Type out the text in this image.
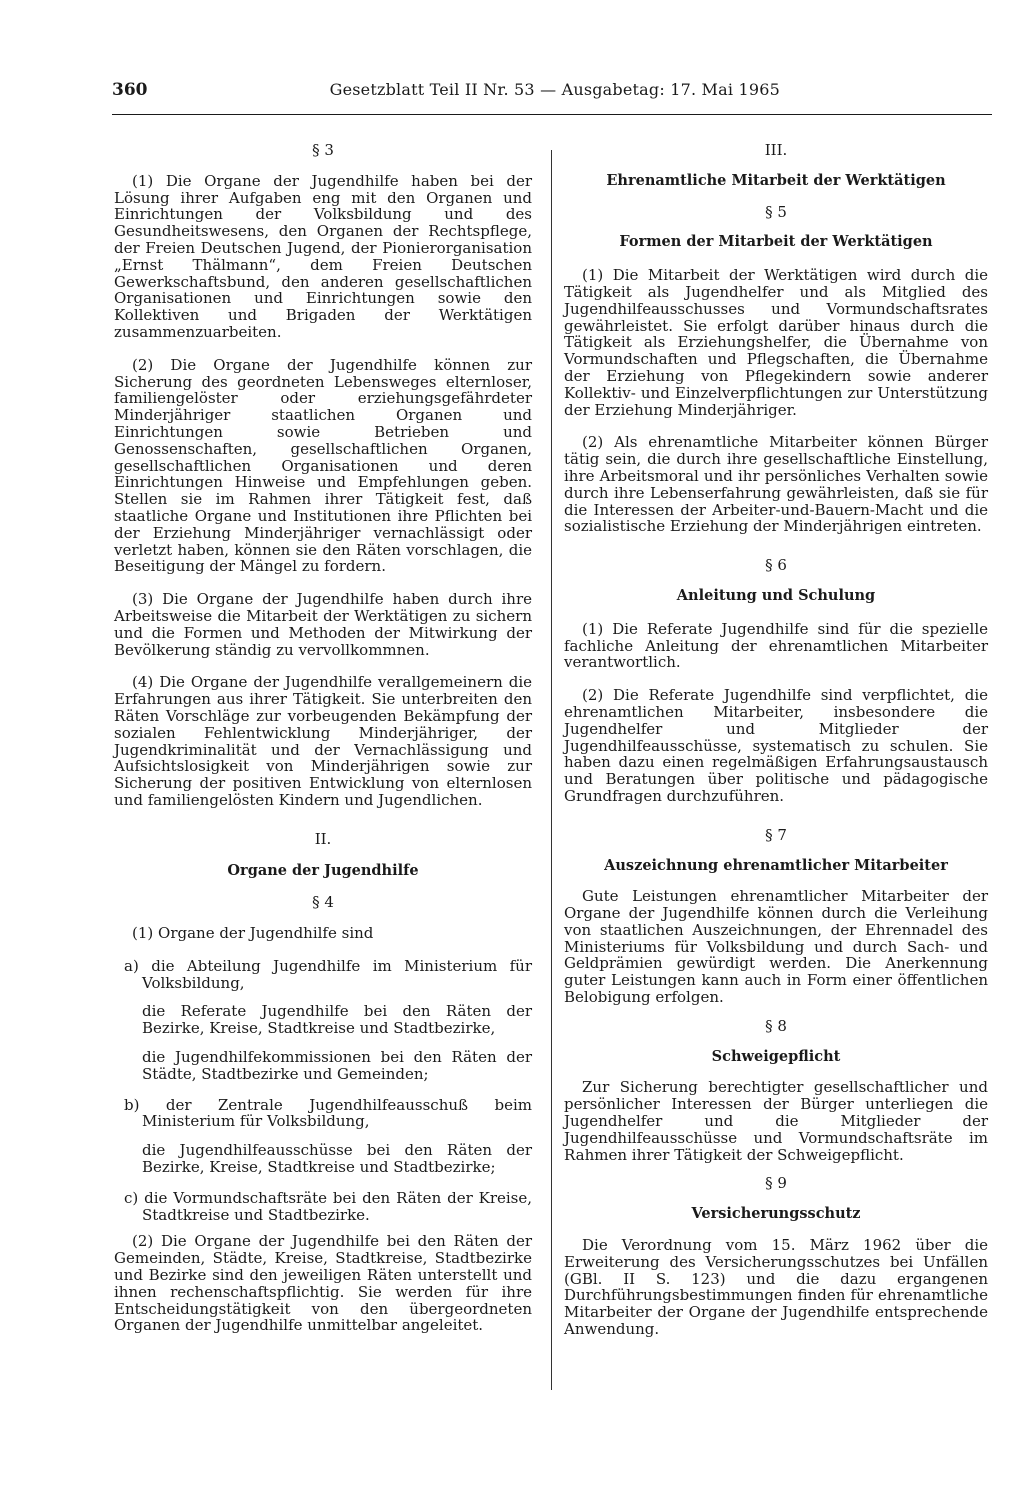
360	Gesetzblatt Teil II Nr. 53 — Ausgabetag: 17. Mai 1965

§ 3

(1) Die Organe der Jugendhilfe haben bei der Lösung ihrer Aufgaben eng mit den Organen und Einrichtungen der Volksbildung und des Gesundheitswesens, den Organen der Rechtspflege, der Freien Deutschen Jugend, der Pionierorganisation „Ernst Thälmann“, dem Freien Deutschen Gewerkschaftsbund, den anderen gesellschaftlichen Organisationen und Einrichtungen sowie den Kollektiven und Brigaden der Werktätigen zusammenzuarbeiten.

(2) Die Organe der Jugendhilfe können zur Sicherung des geordneten Lebensweges elternloser, familiengelöster oder erziehungsgefährdeter Minderjähriger staatlichen Organen und Einrichtungen sowie Betrieben und Genossenschaften, gesellschaftlichen Organen, gesellschaftlichen Organisationen und deren Einrichtungen Hinweise und Empfehlungen geben. Stellen sie im Rahmen ihrer Tätigkeit fest, daß staatliche Organe und Institutionen ihre Pflichten bei der Erziehung Minderjähriger vernachlässigt oder verletzt haben, können sie den Räten vorschlagen, die Beseitigung der Mängel zu fordern.

(3) Die Organe der Jugendhilfe haben durch ihre Arbeitsweise die Mitarbeit der Werktätigen zu sichern und die Formen und Methoden der Mitwirkung der Bevölkerung ständig zu vervollkommnen.

(4) Die Organe der Jugendhilfe verallgemeinern die Erfahrungen aus ihrer Tätigkeit. Sie unterbreiten den Räten Vorschläge zur vorbeugenden Bekämpfung der sozialen Fehlentwicklung Minderjähriger, der Jugendkriminalität und der Vernachlässigung und Aufsichtslosigkeit von Minderjährigen sowie zur Sicherung der positiven Entwicklung von elternlosen und familiengelösten Kindern und Jugendlichen.

II.

Organe der Jugendhilfe

§ 4

(1) Organe der Jugendhilfe sind

a) die Abteilung Jugendhilfe im Ministerium für Volksbildung,

die Referate Jugendhilfe bei den Räten der Bezirke, Kreise, Stadtkreise und Stadtbezirke,

die Jugendhilfekommissionen bei den Räten der Städte, Stadtbezirke und Gemeinden;

b) der Zentrale Jugendhilfeausschuß beim Ministerium für Volksbildung,

die Jugendhilfeausschüsse bei den Räten der Bezirke, Kreise, Stadtkreise und Stadtbezirke;

c) die Vormundschaftsräte bei den Räten der Kreise, Stadtkreise und Stadtbezirke.

(2) Die Organe der Jugendhilfe bei den Räten der Gemeinden, Städte, Kreise, Stadtkreise, Stadtbezirke und Bezirke sind den jeweiligen Räten unterstellt und ihnen rechenschaftspflichtig. Sie werden für ihre Entscheidungstätigkeit von den übergeordneten Organen der Jugendhilfe unmittelbar angeleitet.

III.

Ehrenamtliche Mitarbeit der Werktätigen

§ 5

Formen der Mitarbeit der Werktätigen

(1) Die Mitarbeit der Werktätigen wird durch die Tätigkeit als Jugendhelfer und als Mitglied des Jugendhilfeausschusses und Vormundschaftsrates gewährleistet. Sie erfolgt darüber hinaus durch die Tätigkeit als Erziehungshelfer, die Übernahme von Vormundschaften und Pflegschaften, die Übernahme der Erziehung von Pflegekindern sowie anderer Kollektiv- und Einzelverpflichtungen zur Unterstützung der Erziehung Minderjähriger.

(2) Als ehrenamtliche Mitarbeiter können Bürger tätig sein, die durch ihre gesellschaftliche Einstellung, ihre Arbeitsmoral und ihr persönliches Verhalten sowie durch ihre Lebenserfahrung gewährleisten, daß sie für die Interessen der Arbeiter-und-Bauern-Macht und die sozialistische Erziehung der Minderjährigen eintreten.

§ 6

Anleitung und Schulung

(1) Die Referate Jugendhilfe sind für die spezielle fachliche Anleitung der ehrenamtlichen Mitarbeiter verantwortlich.

(2) Die Referate Jugendhilfe sind verpflichtet, die ehrenamtlichen Mitarbeiter, insbesondere die Jugendhelfer und Mitglieder der Jugendhilfeausschüsse, systematisch zu schulen. Sie haben dazu einen regelmäßigen Erfahrungsaustausch und Beratungen über politische und pädagogische Grundfragen durchzuführen.

§ 7

Auszeichnung ehrenamtlicher Mitarbeiter

Gute Leistungen ehrenamtlicher Mitarbeiter der Organe der Jugendhilfe können durch die Verleihung von staatlichen Auszeichnungen, der Ehrennadel des Ministeriums für Volksbildung und durch Sach- und Geldprämien gewürdigt werden. Die Anerkennung guter Leistungen kann auch in Form einer öffentlichen Belobigung erfolgen.

§ 8

Schweigepflicht

Zur Sicherung berechtigter gesellschaftlicher und persönlicher Interessen der Bürger unterliegen die Jugendhelfer und die Mitglieder der Jugendhilfeausschüsse und Vormundschaftsräte im Rahmen ihrer Tätigkeit der Schweigepflicht.

§ 9

Versicherungsschutz

Die Verordnung vom 15. März 1962 über die Erweiterung des Versicherungsschutzes bei Unfällen (GBl. II S. 123) und die dazu ergangenen Durchführungsbestimmungen finden für ehrenamtliche Mitarbeiter der Organe der Jugendhilfe entsprechende Anwendung.
